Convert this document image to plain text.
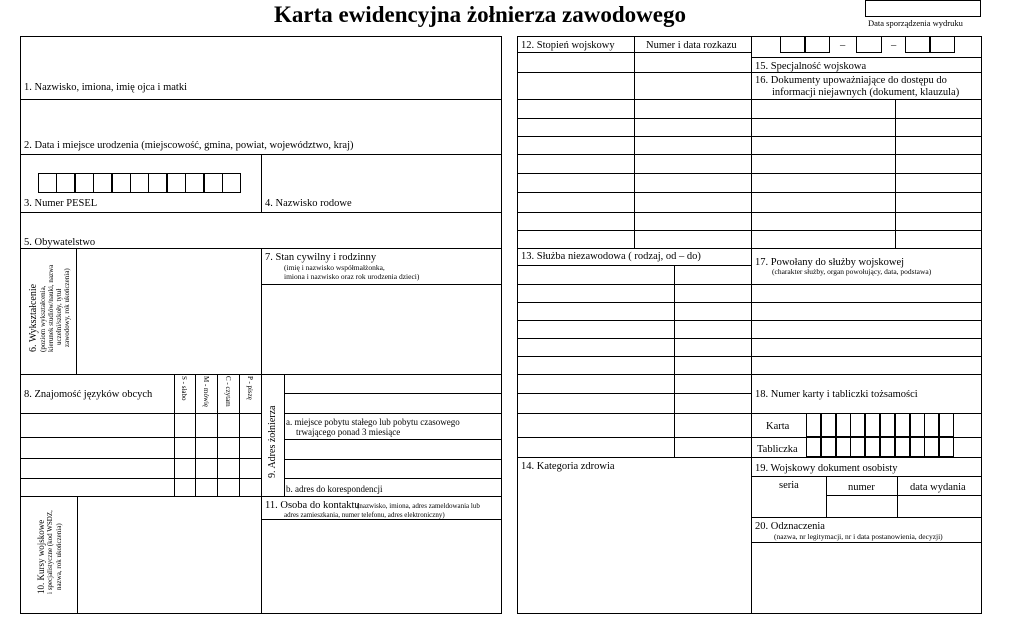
Karta ewidencyjna żołnierza zawodowego	Data sporządzenia wydruku
1. Nazwisko, imiona, imię ojca i matki
2. Data i miejsce urodzenia (miejscowość, gmina, powiat, województwo, kraj)
3. Numer PESEL	4. Nazwisko rodowe
5. Obywatelstwo
6. Wykształcenie (poziom wykształcenia, kierunek studiów/nauki, nazwa uczelni/szkoły, tytuł zawodowy, rok ukończenia)
7. Stan cywilny i rodzinny
(imię i nazwisko współmałżonka,
imiona i nazwisko oraz rok urodzenia dzieci)
8. Znajomość języków obcych	S - słabo M - mówię C - czytam P - piszę
9. Adres żołnierza a. miejsce pobytu stałego lub pobytu czasowego
trwającego ponad 3 miesiące
b. adres do korespondencji
10. Kursy wojskowe i specjalistyczne (kod WSDZ, nazwa, rok ukończenia)
11. Osoba do kontaktu
(nazwisko, imiona, adres zameldowania lub
adres zamieszkania, numer telefonu, adres elektroniczny)
12. Stopień wojskowy	Numer i data rozkazu	–	–
15. Specjalność wojskowa
16. Dokumenty upoważniające do dostępu do
informacji niejawnych (dokument, klauzula)
13. Służba niezawodowa ( rodzaj, od – do)
17. Powołany do służby wojskowej
(charakter służby, organ powołujący, data, podstawa)
18. Numer karty i tabliczki tożsamości
Karta
Tabliczka
14. Kategoria zdrowia	19. Wojskowy dokument osobisty
seria	numer	data wydania
20. Odznaczenia
(nazwa, nr legitymacji, nr i data postanowienia, decyzji)
